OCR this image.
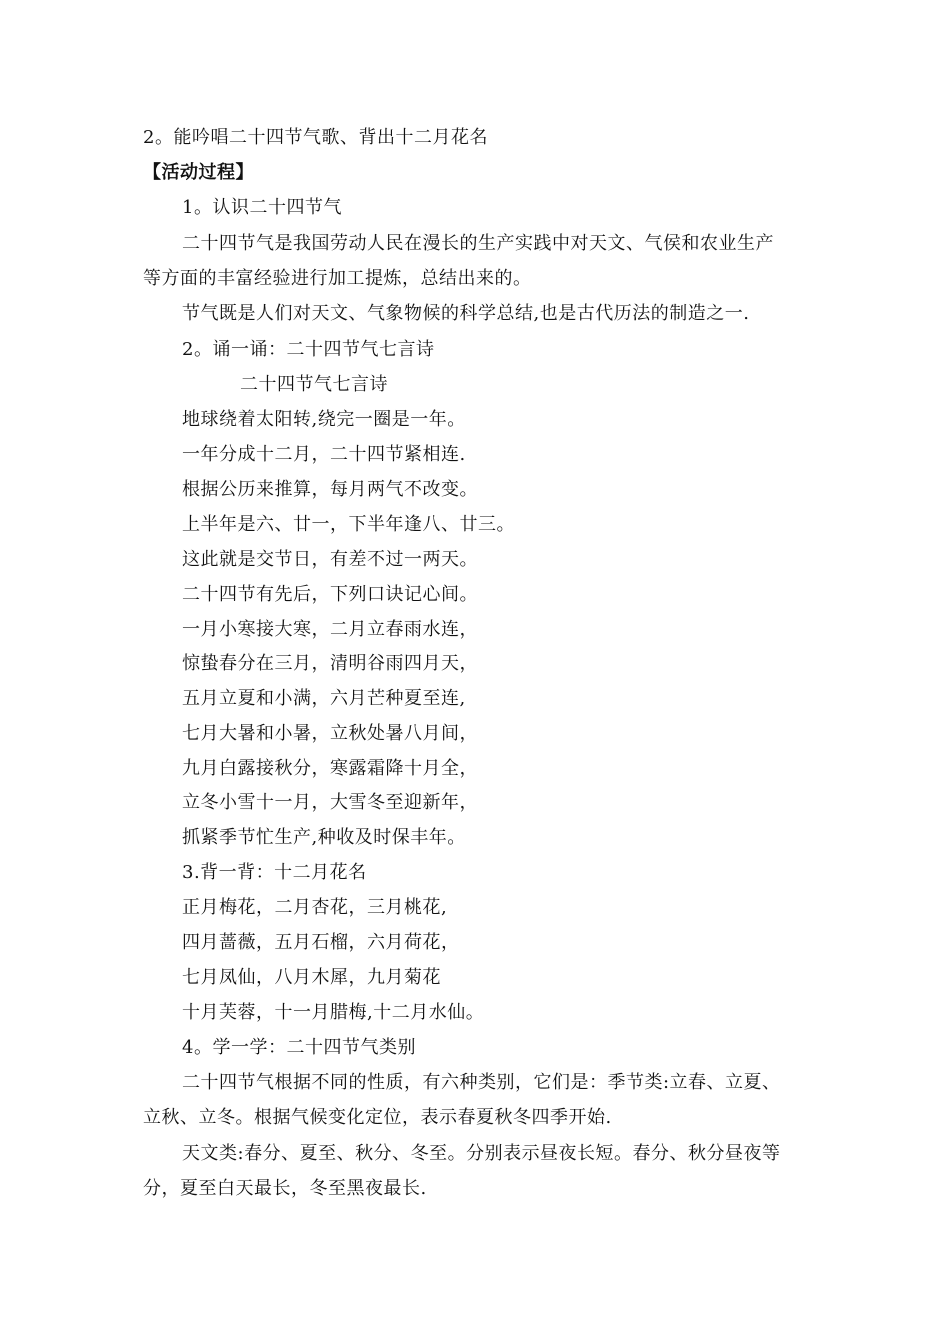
2。能吟唱二十四节气歌、背出十二月花名
【活动过程】
1。认识二十四节气
二十四节气是我国劳动人民在漫长的生产实践中对天文、气侯和农业生产
等方面的丰富经验进行加工提炼，总结出来的。
节气既是人们对天文、气象物候的科学总结,也是古代历法的制造之一.
2。诵一诵：二十四节气七言诗
二十四节气七言诗
地球绕着太阳转,绕完一圈是一年。
一年分成十二月，二十四节紧相连.
根据公历来推算，每月两气不改变。
上半年是六、廿一，下半年逢八、廿三。
这此就是交节日，有差不过一两天。
二十四节有先后，下列口诀记心间。
一月小寒接大寒，二月立春雨水连，
惊蛰春分在三月，清明谷雨四月天，
五月立夏和小满，六月芒种夏至连,
七月大暑和小暑，立秋处暑八月间，
九月白露接秋分，寒露霜降十月全，
立冬小雪十一月，大雪冬至迎新年，
抓紧季节忙生产,种收及时保丰年。
3.背一背：十二月花名
正月梅花，二月杏花，三月桃花,
四月蔷薇，五月石榴，六月荷花，
七月凤仙，八月木犀，九月菊花
十月芙蓉，十一月腊梅,十二月水仙。
4。学一学：二十四节气类别
二十四节气根据不同的性质，有六种类别，它们是：季节类:立春、立夏、
立秋、立冬。根据气候变化定位，表示春夏秋冬四季开始.
天文类:春分、夏至、秋分、冬至。分别表示昼夜长短。春分、秋分昼夜等
分，夏至白天最长，冬至黑夜最长.
